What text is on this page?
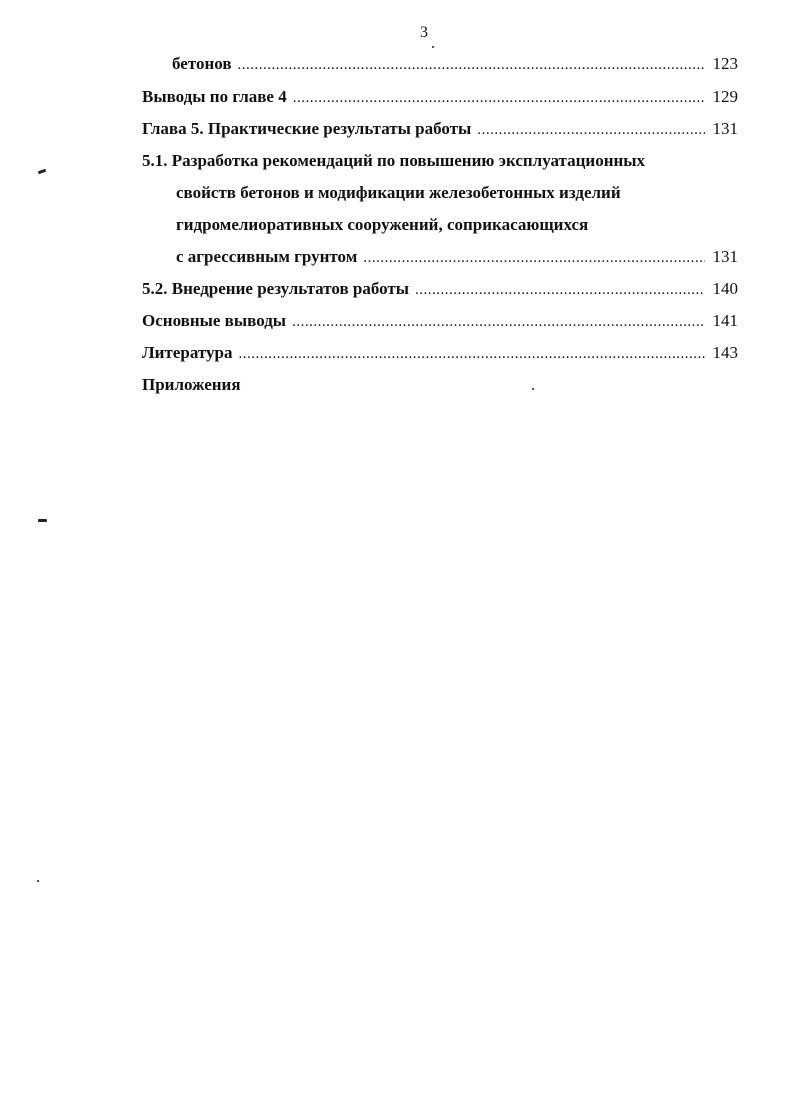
3
бетонов .....	123
Выводы по главе 4 .....	129
Глава 5. Практические результаты работы .....	131
5.1. Разработка рекомендаций по повышению эксплуатационных
свойств бетонов и модификации железобетонных изделий
гидромелиоративных сооружений, соприкасающихся
с агрессивным грунтом .....	131
5.2. Внедрение результатов работы .....	140
Основные выводы .....	141
Литература .....	143
Приложения
